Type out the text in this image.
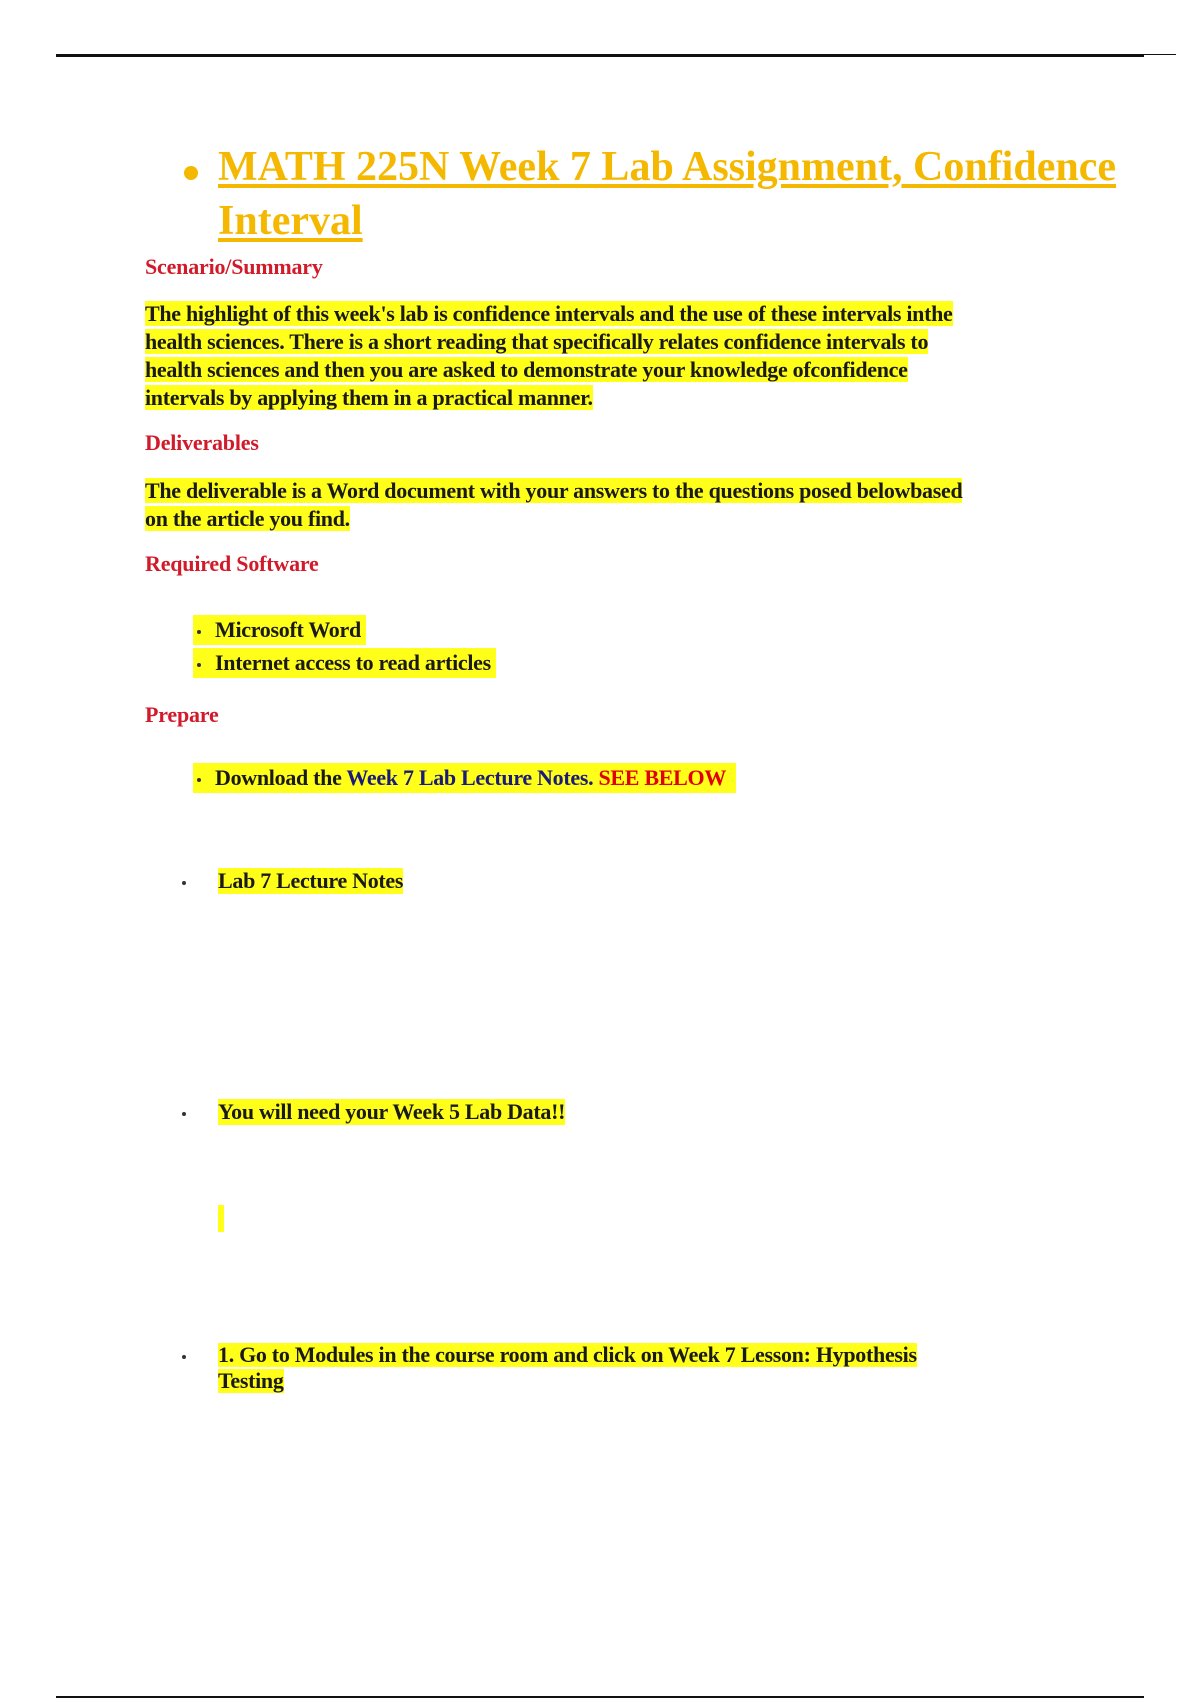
MATH 225N Week 7 Lab Assignment, Confidence Interval
Scenario/Summary
The highlight of this week's lab is confidence intervals and the use of these intervals inthe
health sciences. There is a short reading that specifically relates confidence intervals to
health sciences and then you are asked to demonstrate your knowledge ofconfidence
intervals by applying them in a practical manner.
Deliverables
The deliverable is a Word document with your answers to the questions posed belowbased
on the article you find.
Required Software
Microsoft Word
Internet access to read articles
Prepare
Download the Week 7 Lab Lecture Notes. SEE BELOW
Lab 7 Lecture Notes
You will need your Week 5 Lab Data!!
1. Go to Modules in the course room and click on Week 7 Lesson: Hypothesis
Testing
